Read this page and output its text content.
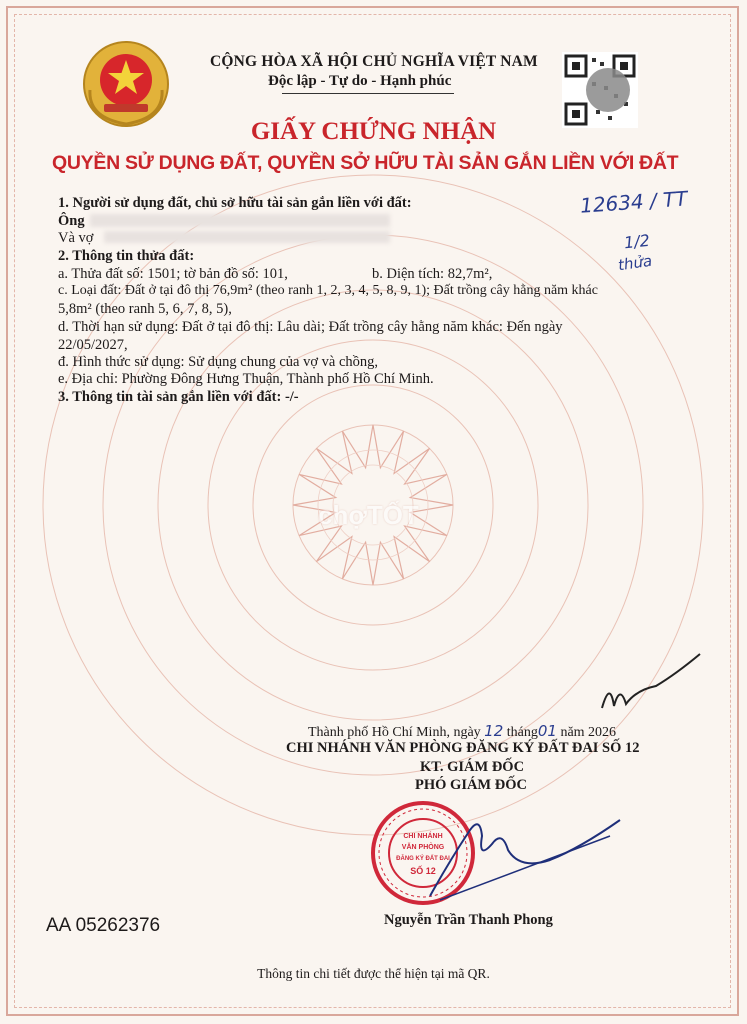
CỘNG HÒA XÃ HỘI CHỦ NGHĨA VIỆT NAM
Độc lập - Tự do - Hạnh phúc
GIẤY CHỨNG NHẬN
QUYỀN SỬ DỤNG ĐẤT, QUYỀN SỞ HỮU TÀI SẢN GẮN LIỀN VỚI ĐẤT
1. Người sử dụng đất, chủ sở hữu tài sản gắn liền với đất:
Ông
Và vợ
2. Thông tin thửa đất:
a. Thửa đất số: 1501; tờ bản đồ số: 101,	b. Diện tích: 82,7m²,
c. Loại đất: Đất ở tại đô thị 76,9m² (theo ranh 1, 2, 3, 4, 5, 8, 9, 1); Đất trồng cây hằng năm khác
5,8m² (theo ranh 5, 6, 7, 8, 5),
d. Thời hạn sử dụng: Đất ở tại đô thị: Lâu dài; Đất trồng cây hằng năm khác: Đến ngày
22/05/2027,
đ. Hình thức sử dụng: Sử dụng chung của vợ và chồng,
e. Địa chỉ: Phường Đông Hưng Thuận, Thành phố Hồ Chí Minh.
3. Thông tin tài sản gắn liền với đất: -/-
12634 / TT
1/2
thửa
chợTỐT
Thành phố Hồ Chí Minh, ngày 12 tháng01 năm 2026
CHI NHÁNH VĂN PHÒNG ĐĂNG KÝ ĐẤT ĐAI SỐ 12
KT. GIÁM ĐỐC
PHÓ GIÁM ĐỐC
CHI NHÁNH
VĂN PHÒNG
ĐĂNG KÝ ĐẤT ĐAI
SỐ 12
Nguyễn Trần Thanh Phong
AA 05262376
Thông tin chi tiết được thể hiện tại mã QR.
